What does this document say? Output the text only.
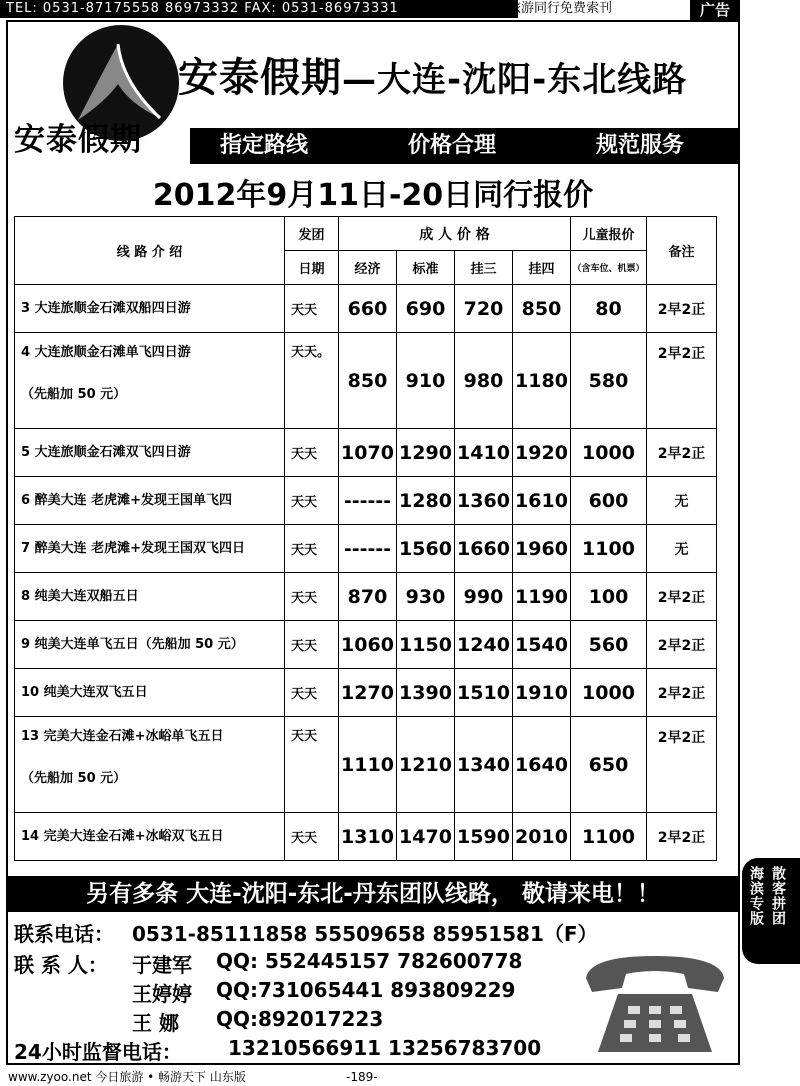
TEL: 0531-87175558 86973332 FAX: 0531-86973331	旅游同行免费索刊	广告
安泰假期
安泰假期—大连-沈阳-东北线路
指定路线	价格合理	规范服务
2012年9月11日-20日同行报价
线 路 介 绍	发团	成 人 价 格				儿童报价	备注
	日期	经济	标准	挂三	挂四	（含车位、机票）	

3 大连旅顺金石滩双船四日游	天天	660	690	720	850	80	2早2正

4 大连旅顺金石滩单飞四日游
（先船加 50 元）	天天。	850	910	980	1180	580	2早2正

5 大连旅顺金石滩双飞四日游	天天	1070	1290	1410	1920	1000	2早2正

6 醉美大连 老虎滩+发现王国单飞四	天天	------	1280	1360	1610	600	无

7 醉美大连 老虎滩+发现王国双飞四日	天天	------	1560	1660	1960	1100	无

8 纯美大连双船五日	天天	870	930	990	1190	100	2早2正

9 纯美大连单飞五日（先船加 50 元）	天天	1060	1150	1240	1540	560	2早2正

10 纯美大连双飞五日	天天	1270	1390	1510	1910	1000	2早2正

13 完美大连金石滩+冰峪单飞五日
（先船加 50 元）	天天	1110	1210	1340	1640	650	2早2正

14 完美大连金石滩+冰峪双飞五日	天天	1310	1470	1590	2010	1100	2早2正
另有多条 大连-沈阳-东北-丹东团队线路， 敬请来电！！
联系电话： 0531-85111858 55509658 85951581（F）
联 系 人： 于建军 QQ: 552445157 782600778
王婷婷 QQ:731065441 893809229
王 娜 QQ:892017223
24小时监督电话： 13210566911 13256783700
海滨专版 散客拼团
www.zyoo.net 今日旅游 • 畅游天下 山东版	-189-
